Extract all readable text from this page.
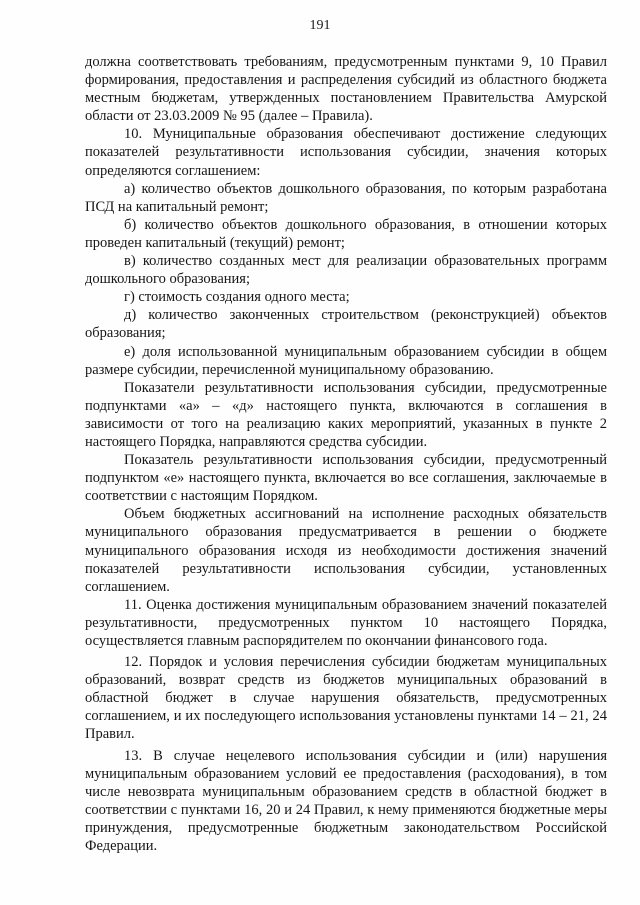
191

должна соответствовать требованиям, предусмотренным пунктами 9, 10 Правил формирования, предоставления и распределения субсидий из областного бюджета местным бюджетам, утвержденных постановлением Правительства Амурской области от 23.03.2009 № 95 (далее – Правила).

10. Муниципальные образования обеспечивают достижение следующих показателей результативности использования субсидии, значения которых определяются соглашением:

а) количество объектов дошкольного образования, по которым разработана ПСД на капитальный ремонт;

б) количество объектов дошкольного образования, в отношении которых проведен капитальный (текущий) ремонт;

в) количество созданных мест для реализации образовательных программ дошкольного образования;

г) стоимость создания одного места;

д) количество законченных строительством (реконструкцией) объектов образования;

е) доля использованной муниципальным образованием субсидии в общем размере субсидии, перечисленной муниципальному образованию.

Показатели результативности использования субсидии, предусмотренные подпунктами «а» – «д» настоящего пункта, включаются в соглашения в зависимости от того на реализацию каких мероприятий, указанных в пункте 2 настоящего Порядка, направляются средства субсидии.

Показатель результативности использования субсидии, предусмотренный подпунктом «е» настоящего пункта, включается во все соглашения, заключаемые в соответствии с настоящим Порядком.

Объем бюджетных ассигнований на исполнение расходных обязательств муниципального образования предусматривается в решении о бюджете муниципального образования исходя из необходимости достижения значений показателей результативности использования субсидии, установленных соглашением.

11. Оценка достижения муниципальным образованием значений показателей результативности, предусмотренных пунктом 10 настоящего Порядка, осуществляется главным распорядителем по окончании финансового года.

12. Порядок и условия перечисления субсидии бюджетам муниципальных образований, возврат средств из бюджетов муниципальных образований в областной бюджет в случае нарушения обязательств, предусмотренных соглашением, и их последующего использования установлены пунктами 14 – 21, 24 Правил.

13. В случае нецелевого использования субсидии и (или) нарушения муниципальным образованием условий ее предоставления (расходования), в том числе невозврата муниципальным образованием средств в областной бюджет в соответствии с пунктами 16, 20 и 24 Правил, к нему применяются бюджетные меры принуждения, предусмотренные бюджетным законодательством Российской Федерации.
